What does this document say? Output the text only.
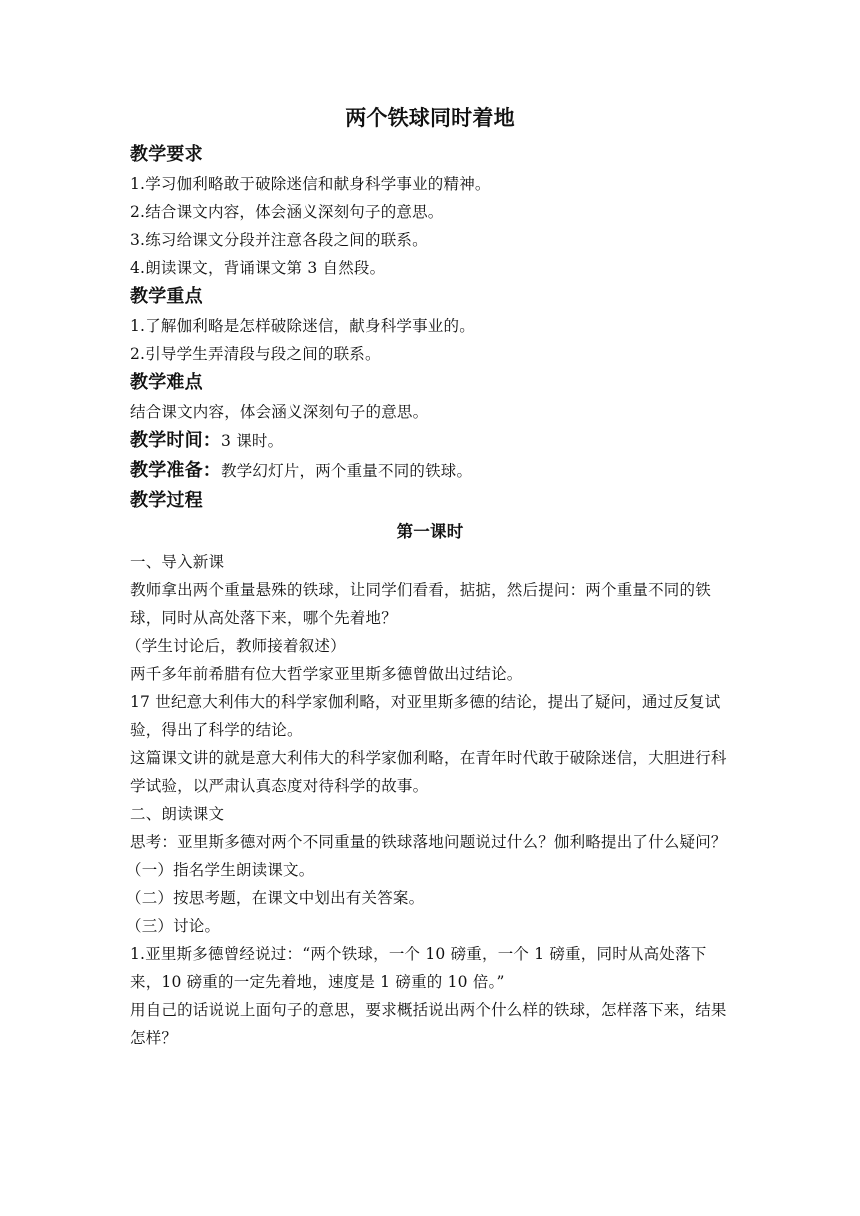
两个铁球同时着地
教学要求

1.学习伽利略敢于破除迷信和献身科学事业的精神。

2.结合课文内容，体会涵义深刻句子的意思。

3.练习给课文分段并注意各段之间的联系。

4.朗读课文，背诵课文第 3 自然段。

教学重点

1.了解伽利略是怎样破除迷信，献身科学事业的。

2.引导学生弄清段与段之间的联系。

教学难点

结合课文内容，体会涵义深刻句子的意思。

教学时间：3 课时。
教学准备：教学幻灯片，两个重量不同的铁球。
教学过程
第一课时

一、导入新课

教师拿出两个重量悬殊的铁球，让同学们看看，掂掂，然后提问：两个重量不同的铁球，同时从高处落下来，哪个先着地？

（学生讨论后，教师接着叙述）

两千多年前希腊有位大哲学家亚里斯多德曾做出过结论。

17 世纪意大利伟大的科学家伽利略，对亚里斯多德的结论，提出了疑问，通过反复试验，得出了科学的结论。

这篇课文讲的就是意大利伟大的科学家伽利略，在青年时代敢于破除迷信，大胆进行科学试验，以严肃认真态度对待科学的故事。

二、朗读课文

思考：亚里斯多德对两个不同重量的铁球落地问题说过什么？伽利略提出了什么疑问？

（一）指名学生朗读课文。

（二）按思考题，在课文中划出有关答案。

（三）讨论。

1.亚里斯多德曾经说过：“两个铁球，一个 10 磅重，一个 1 磅重，同时从高处落下来，10 磅重的一定先着地，速度是 1 磅重的 10 倍。”

用自己的话说说上面句子的意思，要求概括说出两个什么样的铁球，怎样落下来，结果怎样？
